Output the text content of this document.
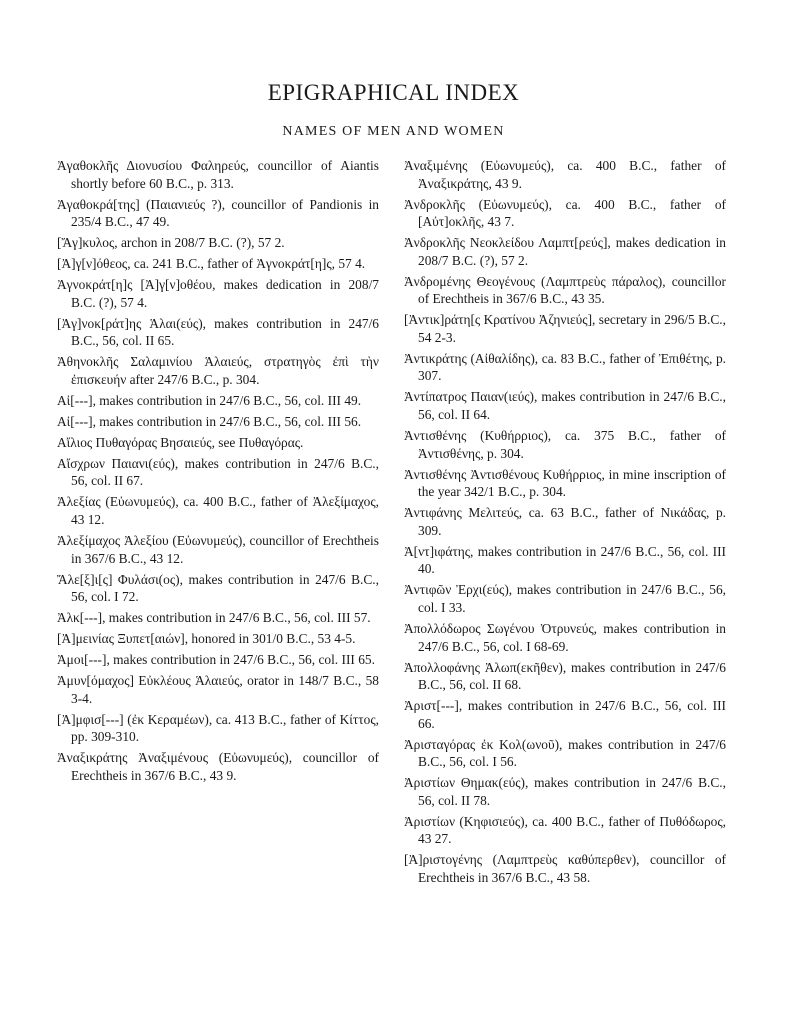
EPIGRAPHICAL INDEX
NAMES OF MEN AND WOMEN

Ἀγαθοκλῆς Διονυσίου Φαληρεύς, councillor of Aiantis shortly before 60 B.C., p. 313.

Ἀγαθοκρά[της] (Παιανιεύς ?), councillor of Pandionis in 235/4 B.C., 47 49.

[Ἄγ]κυλος, archon in 208/7 B.C. (?), 57 2.

[Ἀ]γ[ν]όθεος, ca. 241 B.C., father of Ἀγνοκράτ[η]ς, 57 4.

Ἀγνοκράτ[η]ς [Ἀ]γ[ν]οθέου, makes dedication in 208/7 B.C. (?), 57 4.

[Ἀγ]νοκ[ράτ]ης Ἁλαι(εύς), makes contribution in 247/6 B.C., 56, col. II 65.

Ἀθηνοκλῆς Σαλαμινίου Ἁλαιεύς, στρατηγὸς ἐπὶ τὴν ἐπισκευήν after 247/6 B.C., p. 304.

Αἰ[---], makes contribution in 247/6 B.C., 56, col. III 49.

Αἰ[---], makes contribution in 247/6 B.C., 56, col. III 56.

Αἴλιος Πυθαγόρας Βησαιεύς, see Πυθαγόρας.

Αἴσχρων Παιανι(εύς), makes contribution in 247/6 B.C., 56, col. II 67.

Ἀλεξίας (Εὐωνυμεύς), ca. 400 B.C., father of Ἀλεξίμαχος, 43 12.

Ἀλεξίμαχος Ἀλεξίου (Εὐωνυμεύς), councillor of Erechtheis in 367/6 B.C., 43 12.

Ἄλε[ξ]ι[ς] Φυλάσι(ος), makes contribution in 247/6 B.C., 56, col. I 72.

Ἀλκ[---], makes contribution in 247/6 B.C., 56, col. III 57.

[Ἀ]μεινίας Ξυπετ[αιών], honored in 301/0 B.C., 53 4-5.

Ἀμοι[---], makes contribution in 247/6 B.C., 56, col. III 65.

Ἀμυν[όμαχος] Εὐκλέους Ἁλαιεύς, orator in 148/7 B.C., 58 3-4.

[Ἀ]μφισ[---] (ἐκ Κεραμέων), ca. 413 B.C., father of Κίττος, pp. 309-310.

Ἀναξικράτης Ἀναξιμένους (Εὐωνυμεύς), councillor of Erechtheis in 367/6 B.C., 43 9.

Ἀναξιμένης (Εὐωνυμεύς), ca. 400 B.C., father of Ἀναξικράτης, 43 9.

Ἀνδροκλῆς (Εὐωνυμεύς), ca. 400 B.C., father of [Αὐτ]οκλῆς, 43 7.

Ἀνδροκλῆς Νεοκλείδου Λαμπτ[ρεύς], makes dedication in 208/7 B.C. (?), 57 2.

Ἀνδρομένης Θεογένους (Λαμπτρεὺς πάραλος), councillor of Erechtheis in 367/6 B.C., 43 35.

[Ἀντικ]ράτη[ς Κρατίνου Ἀζηνιεύς], secretary in 296/5 B.C., 54 2-3.

Ἀντικράτης (Αἰθαλίδης), ca. 83 B.C., father of Ἐπιθέτης, p. 307.

Ἀντίπατρος Παιαν(ιεύς), makes contribution in 247/6 B.C., 56, col. II 64.

Ἀντισθένης (Κυθήρριος), ca. 375 B.C., father of Ἀντισθένης, p. 304.

Ἀντισθένης Ἀντισθένους Κυθήρριος, in mine inscription of the year 342/1 B.C., p. 304.

Ἀντιφάνης Μελιτεύς, ca. 63 B.C., father of Νικάδας, p. 309.

Ἀ[ντ]ιφάτης, makes contribution in 247/6 B.C., 56, col. III 40.

Ἀντιφῶν Ἐρχι(εύς), makes contribution in 247/6 B.C., 56, col. I 33.

Ἀπολλόδωρος Σωγένου Ὀτρυνεύς, makes contribution in 247/6 B.C., 56, col. I 68-69.

Ἀπολλοφάνης Ἀλωπ(εκῆθεν), makes contribution in 247/6 B.C., 56, col. II 68.

Ἀριστ[---], makes contribution in 247/6 B.C., 56, col. III 66.

Ἀρισταγόρας ἐκ Κολ(ωνοῦ), makes contribution in 247/6 B.C., 56, col. I 56.

Ἀριστίων Θημακ(εύς), makes contribution in 247/6 B.C., 56, col. II 78.

Ἀριστίων (Κηφισιεύς), ca. 400 B.C., father of Πυθόδωρος, 43 27.

[Ἀ]ριστογένης (Λαμπτρεὺς καθύπερθεν), councillor of Erechtheis in 367/6 B.C., 43 58.
